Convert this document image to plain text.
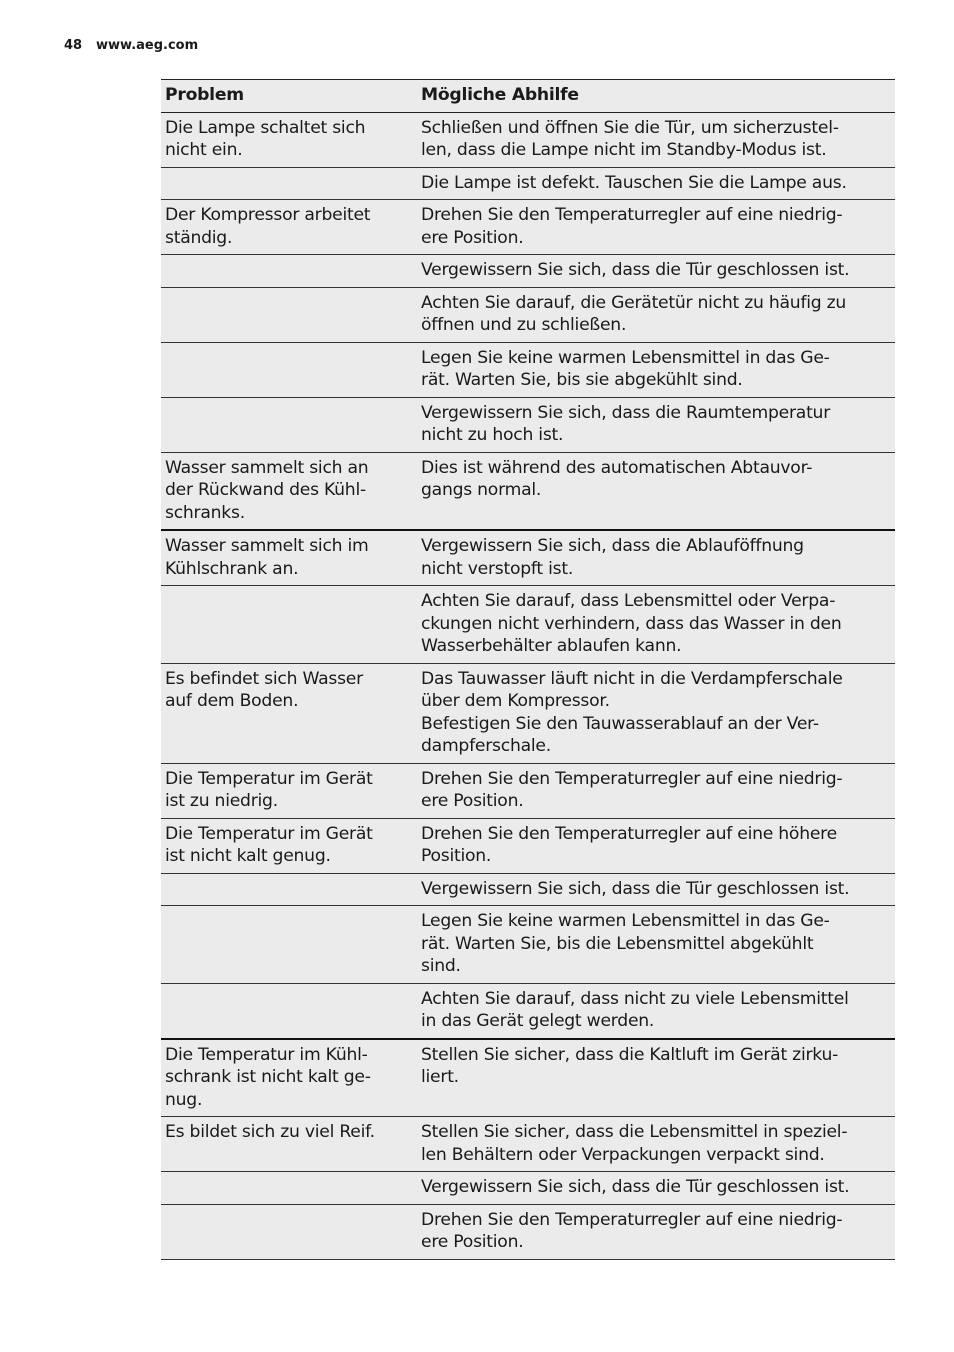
48 www.aeg.com
Problem	Mögliche Abhilfe
Die Lampe schaltet sich
nicht ein.
Schließen und öffnen Sie die Tür, um sicherzustel-
len, dass die Lampe nicht im Standby-Modus ist.
Die Lampe ist defekt. Tauschen Sie die Lampe aus.
Der Kompressor arbeitet
ständig.
Drehen Sie den Temperaturregler auf eine niedrig-
ere Position.
Vergewissern Sie sich, dass die Tür geschlossen ist.
Achten Sie darauf, die Gerätetür nicht zu häufig zu
öffnen und zu schließen.
Legen Sie keine warmen Lebensmittel in das Ge-
rät. Warten Sie, bis sie abgekühlt sind.
Vergewissern Sie sich, dass die Raumtemperatur
nicht zu hoch ist.
Wasser sammelt sich an
der Rückwand des Kühl-
schranks.
Dies ist während des automatischen Abtauvor-
gangs normal.
Wasser sammelt sich im
Kühlschrank an.
Vergewissern Sie sich, dass die Ablauföffnung
nicht verstopft ist.
Achten Sie darauf, dass Lebensmittel oder Verpa-
ckungen nicht verhindern, dass das Wasser in den
Wasserbehälter ablaufen kann.
Es befindet sich Wasser
auf dem Boden.
Das Tauwasser läuft nicht in die Verdampferschale
über dem Kompressor.
Befestigen Sie den Tauwasserablauf an der Ver-
dampferschale.
Die Temperatur im Gerät
ist zu niedrig.
Drehen Sie den Temperaturregler auf eine niedrig-
ere Position.
Die Temperatur im Gerät
ist nicht kalt genug.
Drehen Sie den Temperaturregler auf eine höhere
Position.
Vergewissern Sie sich, dass die Tür geschlossen ist.
Legen Sie keine warmen Lebensmittel in das Ge-
rät. Warten Sie, bis die Lebensmittel abgekühlt
sind.
Achten Sie darauf, dass nicht zu viele Lebensmittel
in das Gerät gelegt werden.
Die Temperatur im Kühl-
schrank ist nicht kalt ge-
nug.
Stellen Sie sicher, dass die Kaltluft im Gerät zirku-
liert.
Es bildet sich zu viel Reif.	Stellen Sie sicher, dass die Lebensmittel in speziel-
len Behältern oder Verpackungen verpackt sind.
Vergewissern Sie sich, dass die Tür geschlossen ist.
Drehen Sie den Temperaturregler auf eine niedrig-
ere Position.
